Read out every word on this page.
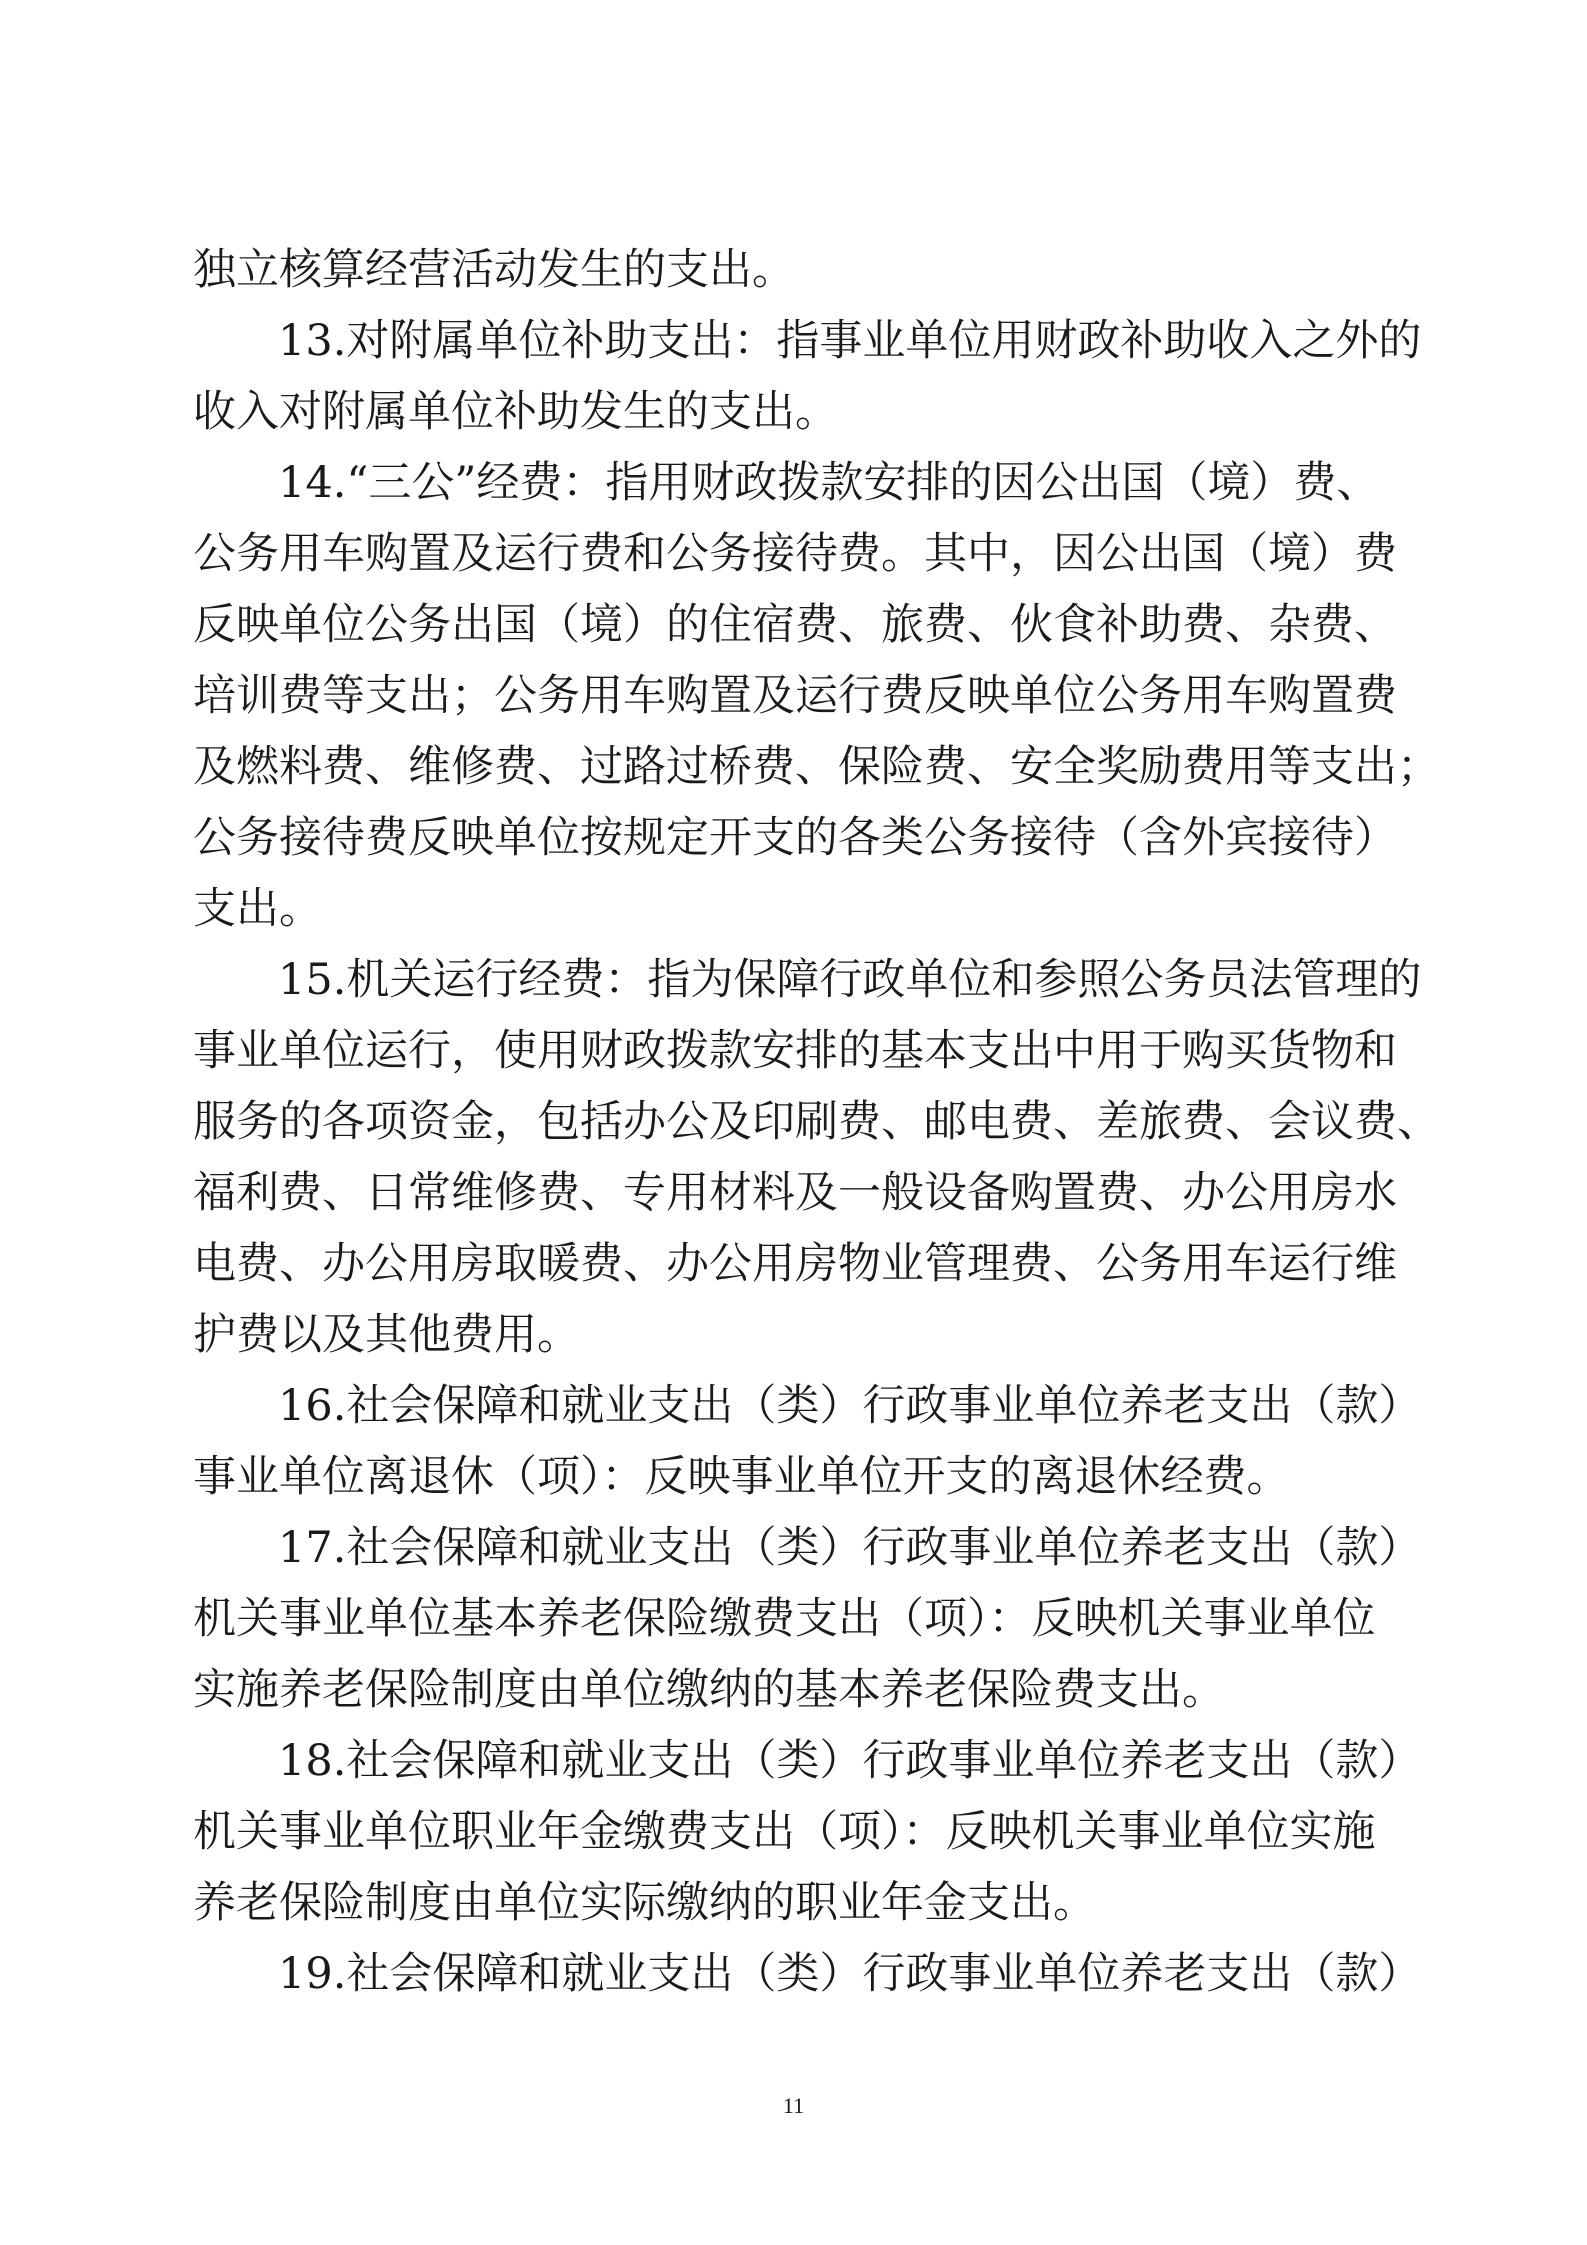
独立核算经营活动发生的支出。
13.对附属单位补助支出：指事业单位用财政补助收入之外的
收入对附属单位补助发生的支出。
14.“三公”经费：指用财政拨款安排的因公出国（境）费、
公务用车购置及运行费和公务接待费。其中，因公出国（境）费
反映单位公务出国（境）的住宿费、旅费、伙食补助费、杂费、
培训费等支出；公务用车购置及运行费反映单位公务用车购置费
及燃料费、维修费、过路过桥费、保险费、安全奖励费用等支出；
公务接待费反映单位按规定开支的各类公务接待（含外宾接待）
支出。
15.机关运行经费：指为保障行政单位和参照公务员法管理的
事业单位运行，使用财政拨款安排的基本支出中用于购买货物和
服务的各项资金，包括办公及印刷费、邮电费、差旅费、会议费、
福利费、日常维修费、专用材料及一般设备购置费、办公用房水
电费、办公用房取暖费、办公用房物业管理费、公务用车运行维
护费以及其他费用。
16.社会保障和就业支出（类）行政事业单位养老支出（款）
事业单位离退休（项）：反映事业单位开支的离退休经费。
17.社会保障和就业支出（类）行政事业单位养老支出（款）
机关事业单位基本养老保险缴费支出（项）：反映机关事业单位
实施养老保险制度由单位缴纳的基本养老保险费支出。
18.社会保障和就业支出（类）行政事业单位养老支出（款）
机关事业单位职业年金缴费支出（项）：反映机关事业单位实施
养老保险制度由单位实际缴纳的职业年金支出。
19.社会保障和就业支出（类）行政事业单位养老支出（款）
11
